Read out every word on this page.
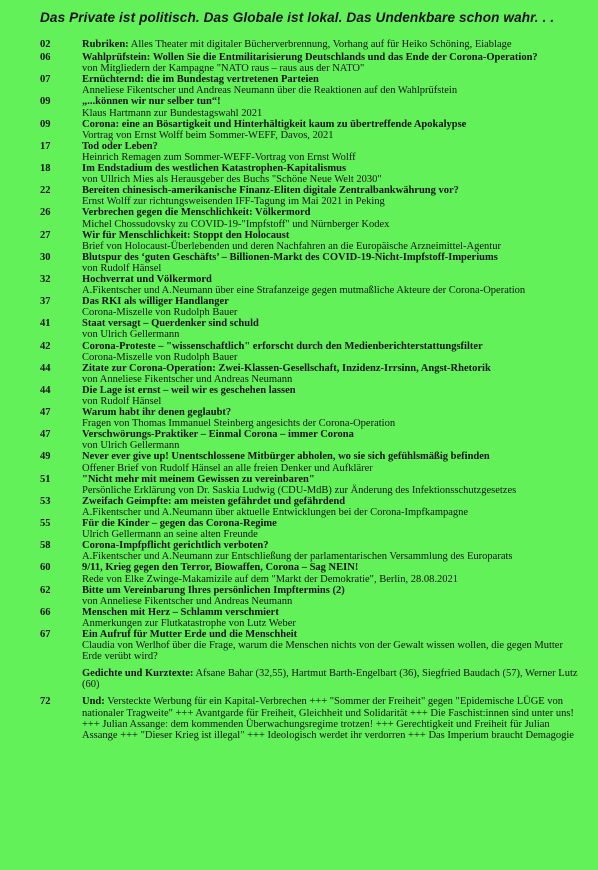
Das Private ist politisch. Das Globale ist lokal. Das Undenkbare schon wahr. . .
02	Rubriken: Alles Theater mit digitaler Bücherverbrennung, Vorhang auf für Heiko Schöning, Eiablage
06	Wahlprüfstein: Wollen Sie die Entmilitarisierung Deutschlands und das Ende der Corona-Operation?
von Mitgliedern der Kampagne "NATO raus – raus aus der NATO"
07	Ernüchternd: die im Bundestag vertretenen Parteien
Anneliese Fikentscher und Andreas Neumann über die Reaktionen auf den Wahlprüfstein
09	„...können wir nur selber tun“!
Klaus Hartmann zur Bundestagswahl 2021
09	Corona: eine an Bösartigkeit und Hinterhältigkeit kaum zu übertreffende Apokalypse
Vortrag von Ernst Wolff beim Sommer-WEFF, Davos, 2021
17	Tod oder Leben?
Heinrich Remagen zum Sommer-WEFF-Vortrag von Ernst Wolff
18	Im Endstadium des westlichen Katastrophen-Kapitalismus
von Ullrich Mies als Herausgeber des Buchs "Schöne Neue Welt 2030"
22	Bereiten chinesisch-amerikanische Finanz-Eliten digitale Zentralbankwährung vor?
Ernst Wolff zur richtungsweisenden IFF-Tagung im Mai 2021 in Peking
26	Verbrechen gegen die Menschlichkeit: Völkermord
Michel Chossudovsky zu COVID-19-"Impfstoff" und Nürnberger Kodex
27	Wir für Menschlichkeit: Stoppt den Holocaust
Brief von Holocaust-Überlebenden und deren Nachfahren an die Europäische Arzneimittel-Agentur
30	Blutspur des ‘guten Geschäfts’ – Billionen-Markt des COVID-19-Nicht-Impfstoff-Imperiums
von Rudolf Hänsel
32	Hochverrat und Völkermord
A.Fikentscher und A.Neumann über eine Strafanzeige gegen mutmaßliche Akteure der Corona-Operation
37	Das RKI als williger Handlanger
Corona-Miszelle von Rudolph Bauer
41	Staat versagt – Querdenker sind schuld
von Ulrich Gellermann
42	Corona-Proteste – "wissenschaftlich" erforscht durch den Medienberichterstattungsfilter
Corona-Miszelle von Rudolph Bauer
44	Zitate zur Corona-Operation: Zwei-Klassen-Gesellschaft, Inzidenz-Irrsinn, Angst-Rhetorik
von Anneliese Fikentscher und Andreas Neumann
44	Die Lage ist ernst – weil wir es geschehen lassen
von Rudolf Hänsel
47	Warum habt ihr denen geglaubt?
Fragen von Thomas Immanuel Steinberg angesichts der Corona-Operation
47	Verschwörungs-Praktiker – Einmal Corona – immer Corona
von Ulrich Gellermann
49	Never ever give up! Unentschlossene Mitbürger abholen, wo sie sich gefühlsmäßig befinden
Offener Brief von Rudolf Hänsel an alle freien Denker und Aufklärer
51	"Nicht mehr mit meinem Gewissen zu vereinbaren"
Persönliche Erklärung von Dr. Saskia Ludwig (CDU-MdB) zur Änderung des Infektionsschutzgesetzes
53	Zweifach Geimpfte: am meisten gefährdet und gefährdend
A.Fikentscher und A.Neumann über aktuelle Entwicklungen bei der Corona-Impfkampagne
55	Für die Kinder – gegen das Corona-Regime
Ulrich Gellermann an seine alten Freunde
58	Corona-Impfpflicht gerichtlich verboten?
A.Fikentscher und A.Neumann zur Entschließung der parlamentarischen Versammlung des Europarats
60	9/11, Krieg gegen den Terror, Biowaffen, Corona – Sag NEIN!
Rede von Elke Zwinge-Makamizile auf dem "Markt der Demokratie", Berlin, 28.08.2021
62	Bitte um Vereinbarung Ihres persönlichen Impftermins (2)
von Anneliese Fikentscher und Andreas Neumann
66	Menschen mit Herz – Schlamm verschmiert
Anmerkungen zur Flutkatastrophe von Lutz Weber
67	Ein Aufruf für Mutter Erde und die Menschheit
Claudia von Werlhof über die Frage, warum die Menschen nichts von der Gewalt wissen wollen, die gegen Mutter Erde verübt wird?
Gedichte und Kurztexte: Afsane Bahar (32,55), Hartmut Barth-Engelbart (36), Siegfried Baudach (57), Werner Lutz (60)
72	Und: Versteckte Werbung für ein Kapital-Verbrechen +++ "Sommer der Freiheit" gegen "Epidemische LÜGE von nationaler Tragweite" +++ Avantgarde für Freiheit, Gleichheit und Solidarität +++ Die Faschist:innen sind unter uns! +++ Julian Assange: dem kommenden Überwachungsregime trotzen! +++ Gerechtigkeit und Freiheit für Julian Assange +++ "Dieser Krieg ist illegal" +++ Ideologisch werdet ihr verdorren +++ Das Imperium braucht Demagogie
